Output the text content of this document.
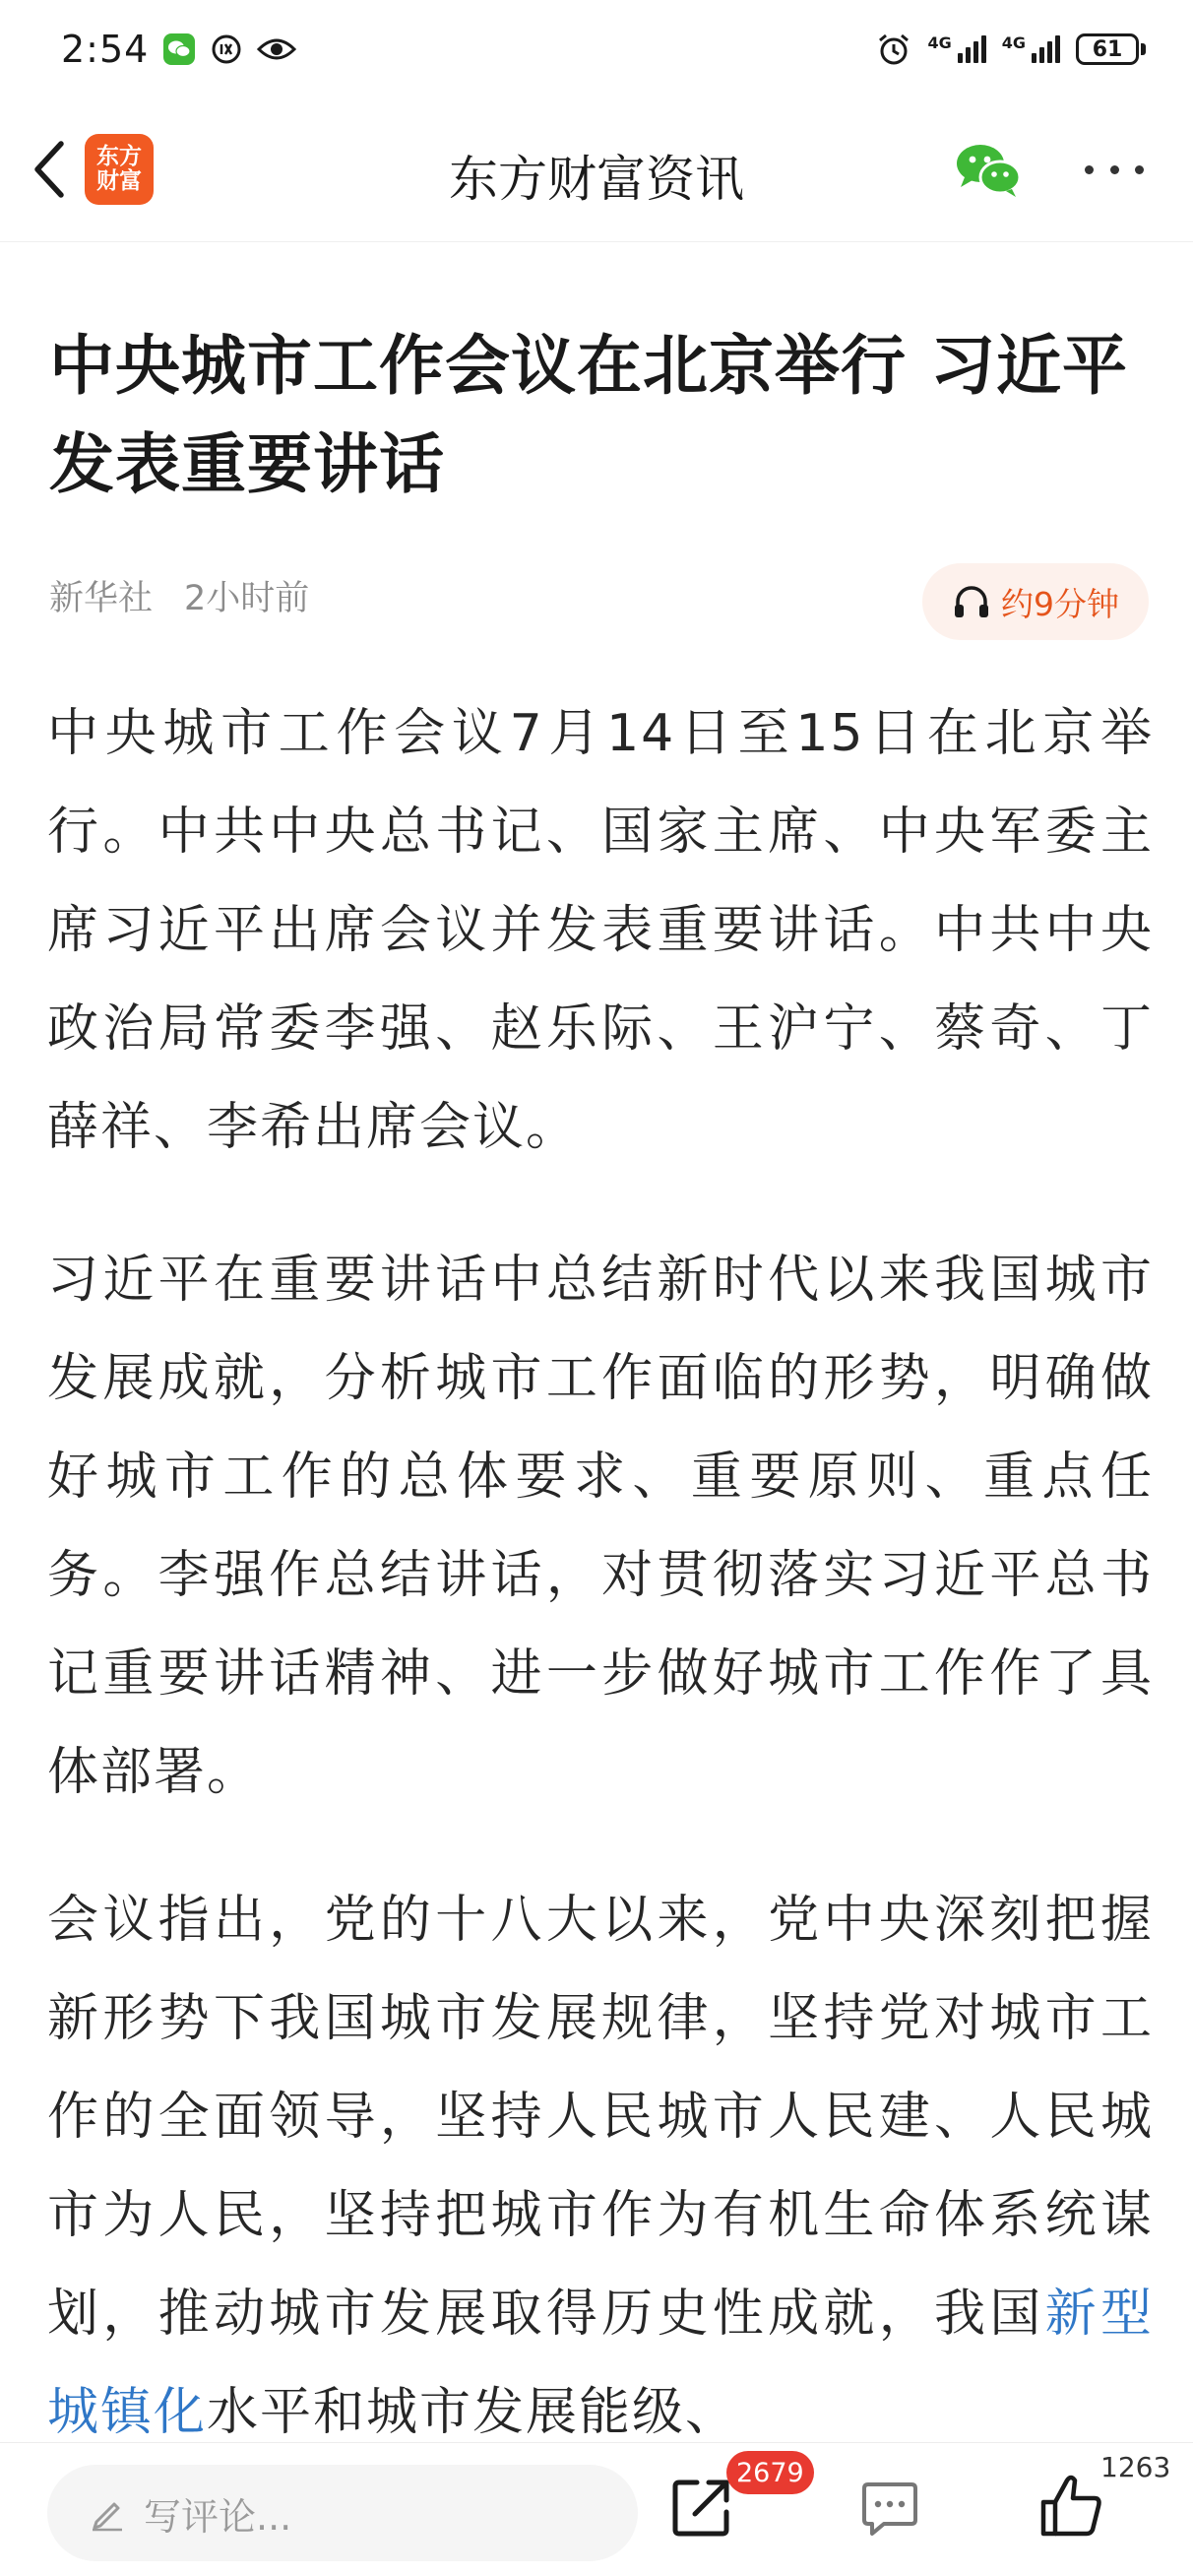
2:54	4G	4G	61
东方
财富	东方财富资讯
中央城市工作会议在北京举行 习近平发表重要讲话
新华社 2小时前	约9分钟

中央城市工作会议7月14日至15日在北京举行。中共中央总书记、国家主席、中央军委主席习近平出席会议并发表重要讲话。中共中央政治局常委李强、赵乐际、王沪宁、蔡奇、丁薛祥、李希出席会议。

习近平在重要讲话中总结新时代以来我国城市发展成就，分析城市工作面临的形势，明确做好城市工作的总体要求、重要原则、重点任务。李强作总结讲话，对贯彻落实习近平总书记重要讲话精神、进一步做好城市工作作了具体部署。

会议指出，党的十八大以来，党中央深刻把握新形势下我国城市发展规律，坚持党对城市工作的全面领导，坚持人民城市人民建、人民城市为人民，坚持把城市作为有机生命体系统谋划，推动城市发展取得历史性成就，我国新型城镇化水平和城市发展能级、

写评论...
2679	1263
